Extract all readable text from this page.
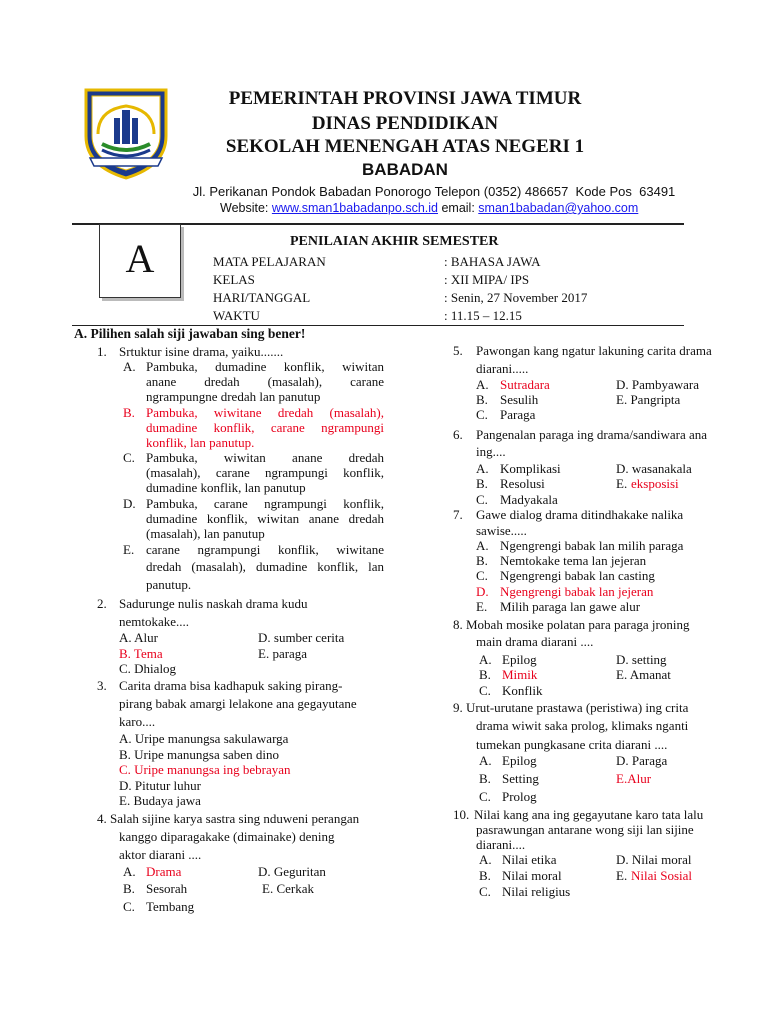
PEMERINTAH PROVINSI JAWA TIMUR
DINAS PENDIDIKAN
SEKOLAH MENENGAH ATAS NEGERI 1
BABADAN
Jl. Perikanan Pondok Babadan Ponorogo Telepon (0352) 486657  Kode Pos  63491
Website: www.sman1babadanpo.sch.id email: sman1babadan@yahoo.com
A	PENILAIAN AKHIR SEMESTER
MATA PELAJARAN	: BAHASA JAWA
KELAS	: XII MIPA/ IPS
HARI/TANGGAL	: Senin, 27 November 2017
WAKTU	: 11.15 – 12.15
A. Pilihen salah siji jawaban sing bener!
1. Srtuktur isine drama, yaiku.......
A. Pambuka, dumadine konflik, wiwitan
anane dredah (masalah), carane
ngrampungne dredah lan panutup
B. Pambuka, wiwitane dredah (masalah),
dumadine konflik, carane ngrampungi
konflik, lan panutup.
C. Pambuka, wiwitan anane dredah
(masalah), carane ngrampungi konflik,
dumadine konflik, lan panutup
D. Pambuka, carane ngrampungi konflik,
dumadine konflik, wiwitan anane dredah
(masalah), lan panutup
E. carane ngrampungi konflik, wiwitane
dredah (masalah), dumadine konflik, lan
panutup.
2. Sadurunge nulis naskah drama kudu
nemtokake....
A. Alur	D. sumber cerita
B. Tema	E. paraga
C. Dhialog
3. Carita drama bisa kadhapuk saking pirang-
pirang babak amargi lelakone ana gegayutane
karo....
A. Uripe manungsa sakulawarga
B. Uripe manungsa saben dino
C. Uripe manungsa ing bebrayan
D. Pitutur luhur
E. Budaya jawa
4. Salah sijine karya sastra sing nduweni perangan
kanggo diparagakake (dimainake) dening
aktor diarani ....
A. Drama	D. Geguritan
B. Sesorah	E. Cerkak
C. Tembang
5. Pawongan kang ngatur lakuning carita drama
diarani.....
A. Sutradara	D. Pambyawara
B. Sesulih	E. Pangripta
C. Paraga
6. Pangenalan paraga ing drama/sandiwara ana
ing....
A. Komplikasi	D. wasanakala
B. Resolusi	E. eksposisi
C. Madyakala
7. Gawe dialog drama ditindhakake nalika
sawise.....
A. Ngengrengi babak lan milih paraga
B. Nemtokake tema lan jejeran
C. Ngengrengi babak lan casting
D. Ngengrengi babak lan jejeran
E. Milih paraga lan gawe alur
8. Mobah mosike polatan para paraga jroning
main drama diarani ....
A. Epilog	D. setting
B. Mimik	E. Amanat
C. Konflik
9. Urut-urutane prastawa (peristiwa) ing crita
drama wiwit saka prolog, klimaks nganti
tumekan pungkasane crita diarani ....
A. Epilog	D. Paraga
B. Setting	E.Alur
C. Prolog
10. Nilai kang ana ing gegayutane karo tata lalu
pasrawungan antarane wong siji lan sijine
diarani....
A. Nilai etika	D. Nilai moral
B. Nilai moral	E. Nilai Sosial
C. Nilai religius
